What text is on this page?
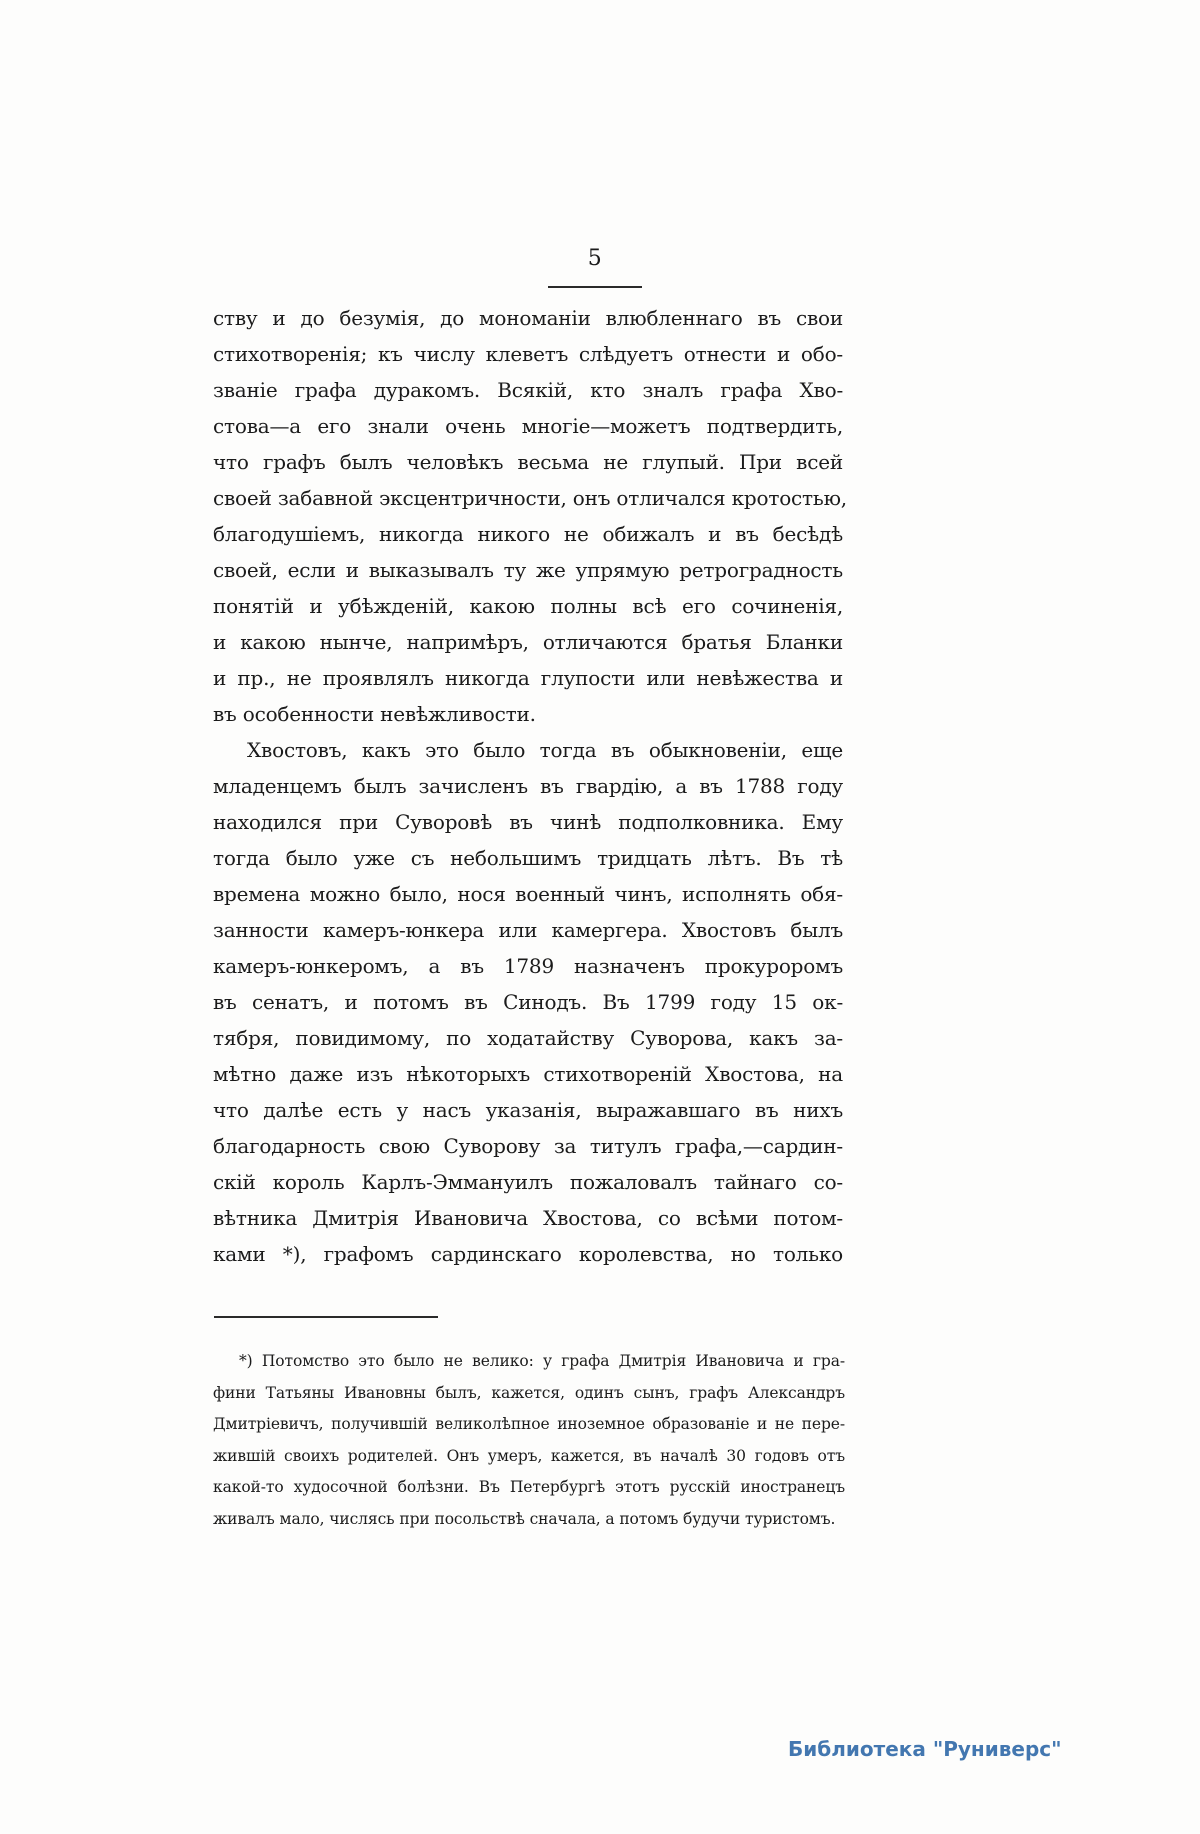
5
ству и до безумія, до мономаніи влюбленнаго въ свои
стихотворенія; къ числу клеветъ слѣдуетъ отнести и обо-
званіе графа дуракомъ. Всякій, кто зналъ графа Хво-
стова—а его знали очень многіе—можетъ подтвердить,
что графъ былъ человѣкъ весьма не глупый. При всей
своей забавной эксцентричности, онъ отличался кротостью,
благодушіемъ, никогда никого не обижалъ и въ бесѣдѣ
своей, если и выказывалъ ту же упрямую ретроградность
понятій и убѣжденій, какою полны всѣ его сочиненія,
и какою нынче, напримѣръ, отличаются братья Бланки
и пр., не проявлялъ никогда глупости или невѣжества и
въ особенности невѣжливости.
Хвостовъ, какъ это было тогда въ обыкновеніи, еще
младенцемъ былъ зачисленъ въ гвардію, а въ 1788 году
находился при Суворовѣ въ чинѣ подполковника. Ему
тогда было уже съ небольшимъ тридцать лѣтъ. Въ тѣ
времена можно было, нося военный чинъ, исполнять обя-
занности камеръ-юнкера или камергера. Хвостовъ былъ
камеръ-юнкеромъ, а въ 1789 назначенъ прокуроромъ
въ сенатъ, и потомъ въ Синодъ. Въ 1799 году 15 ок-
тября, повидимому, по ходатайству Суворова, какъ за-
мѣтно даже изъ нѣкоторыхъ стихотвореній Хвостова, на
что далѣе есть у насъ указанія, выражавшаго въ нихъ
благодарность свою Суворову за титулъ графа,—сардин-
скій король Карлъ-Эммануилъ пожаловалъ тайнаго со-
вѣтника Дмитрія Ивановича Хвостова, со всѣми потом-
ками *), графомъ сардинскаго королевства, но только
*) Потомство это было не велико: у графа Дмитрія Ивановича и гра-
фини Татьяны Ивановны былъ, кажется, одинъ сынъ, графъ Александръ
Дмитріевичъ, получившій великолѣпное иноземное образованіе и не пере-
жившій своихъ родителей. Онъ умеръ, кажется, въ началѣ 30 годовъ отъ
какой-то худосочной болѣзни. Въ Петербургѣ этотъ русскій иностранецъ
живалъ мало, числясь при посольствѣ сначала, а потомъ будучи туристомъ.
Библиотека "Руниверс"
